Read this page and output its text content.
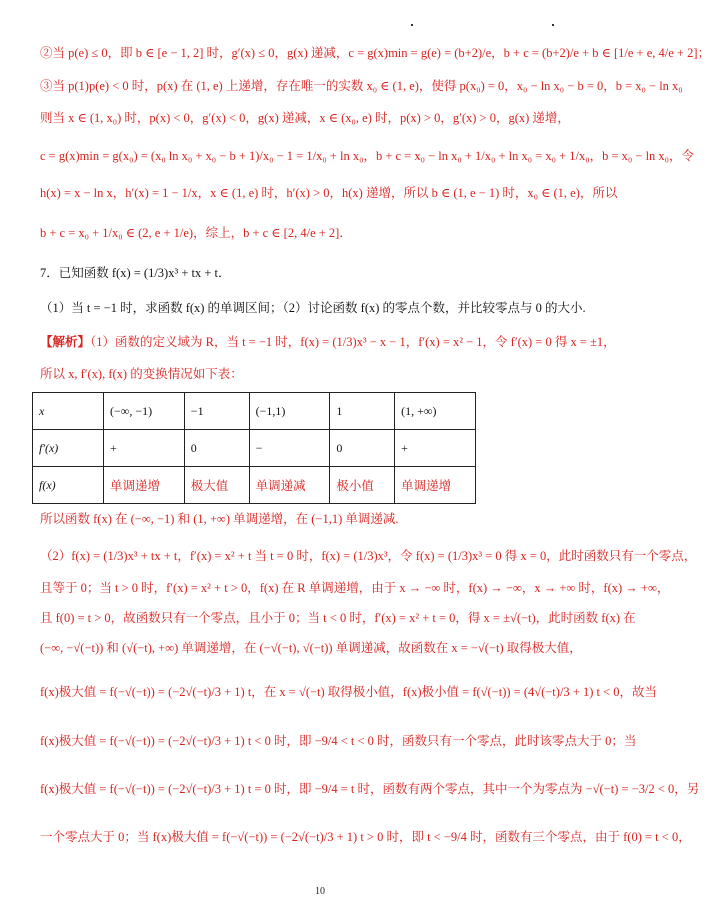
②当 p(e) ≤ 0，即 b ∈ [e − 1, 2] 时，g′(x) ≤ 0，g(x) 递减，c = g(x)min = g(e) = (b+2)/e，b + c = (b+2)/e + b ∈ [1/e + e, 4/e + 2]；
③当 p(1)p(e) < 0 时，p(x) 在 (1, e) 上递增，存在唯一的实数 x₀ ∈ (1, e)，使得 p(x₀) = 0，x₀ − ln x₀ − b = 0，b = x₀ − ln x₀
则当 x ∈ (1, x₀) 时，p(x) < 0，g′(x) < 0，g(x) 递减，x ∈ (x₀, e) 时，p(x) > 0，g′(x) > 0，g(x) 递增，
c = g(x)min = g(x₀) = (x₀ ln x₀ + x₀ − b + 1)/x₀ − 1 = 1/x₀ + ln x₀，b + c = x₀ − ln x₀ + 1/x₀ + ln x₀ = x₀ + 1/x₀，b = x₀ − ln x₀，令
h(x) = x − ln x，h′(x) = 1 − 1/x，x ∈ (1, e) 时，h′(x) > 0，h(x) 递增，所以 b ∈ (1, e − 1) 时，x₀ ∈ (1, e)，所以
b + c = x₀ + 1/x₀ ∈ (2, e + 1/e)，综上，b + c ∈ [2, 4/e + 2]．
7．已知函数 f(x) = (1/3)x³ + tx + t．
（1）当 t = −1 时，求函数 f(x) 的单调区间；（2）讨论函数 f(x) 的零点个数，并比较零点与 0 的大小.
【解析】（1）函数的定义域为 R，当 t = −1 时，f(x) = (1/3)x³ − x − 1，f′(x) = x² − 1，令 f′(x) = 0 得 x = ±1，
所以 x, f′(x), f(x) 的变换情况如下表：
x	(−∞, −1)	−1	(−1,1)	1	(1, +∞)
f′(x)	+	0	−	0	+
f(x)	单调递增	极大值	单调递减	极小值	单调递增
所以函数 f(x) 在 (−∞, −1) 和 (1, +∞) 单调递增，在 (−1,1) 单调递减.
（2）f(x) = (1/3)x³ + tx + t，f′(x) = x² + t 当 t = 0 时，f(x) = (1/3)x³，令 f(x) = (1/3)x³ = 0 得 x = 0，此时函数只有一个零点，
且等于 0；当 t > 0 时，f′(x) = x² + t > 0，f(x) 在 R 单调递增，由于 x → −∞ 时，f(x) → −∞，x → +∞ 时，f(x) → +∞，
且 f(0) = t > 0，故函数只有一个零点，且小于 0；当 t < 0 时，f′(x) = x² + t = 0，得 x = ±√(−t)，此时函数 f(x) 在
(−∞, −√(−t)) 和 (√(−t), +∞) 单调递增，在 (−√(−t), √(−t)) 单调递减，故函数在 x = −√(−t) 取得极大值，
f(x)极大值 = f(−√(−t)) = (−2√(−t)/3 + 1) t，在 x = √(−t) 取得极小值，f(x)极小值 = f(√(−t)) = (4√(−t)/3 + 1) t < 0，故当
f(x)极大值 = f(−√(−t)) = (−2√(−t)/3 + 1) t < 0 时，即 −9/4 < t < 0 时，函数只有一个零点，此时该零点大于 0；当
f(x)极大值 = f(−√(−t)) = (−2√(−t)/3 + 1) t = 0 时，即 −9/4 = t 时，函数有两个零点，其中一个为零点为 −√(−t) = −3/2 < 0，另
一个零点大于 0；当 f(x)极大值 = f(−√(−t)) = (−2√(−t)/3 + 1) t > 0 时，即 t < −9/4 时，函数有三个零点，由于 f(0) = t < 0，
10
